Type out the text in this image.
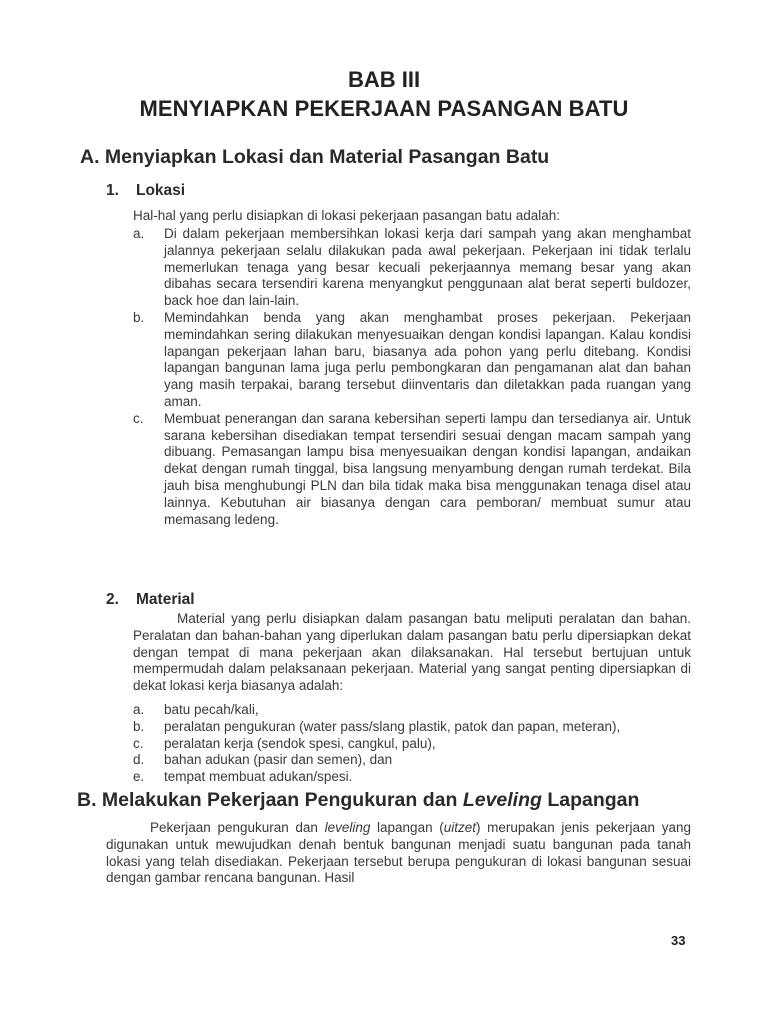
BAB III
MENYIAPKAN PEKERJAAN PASANGAN BATU
A. Menyiapkan Lokasi dan Material Pasangan Batu
1. Lokasi
Hal-hal yang perlu disiapkan di lokasi pekerjaan pasangan batu adalah:
a.	Di dalam pekerjaan membersihkan lokasi kerja dari sampah yang akan menghambat jalannya pekerjaan selalu dilakukan pada awal pekerjaan. Pekerjaan ini tidak terlalu memerlukan tenaga yang besar kecuali pekerjaannya memang besar yang akan dibahas secara tersendiri karena menyangkut penggunaan alat berat seperti buldozer, back hoe dan lain-lain.
b.	Memindahkan benda yang akan menghambat proses pekerjaan. Pekerjaan memindahkan sering dilakukan menyesuaikan dengan kondisi lapangan. Kalau kondisi lapangan pekerjaan lahan baru, biasanya ada pohon yang perlu ditebang. Kondisi lapangan bangunan lama juga perlu pembongkaran dan pengamanan alat dan bahan yang masih terpakai, barang tersebut diinventaris dan diletakkan pada ruangan yang aman.
c.	Membuat penerangan dan sarana kebersihan seperti lampu dan tersedianya air. Untuk sarana kebersihan disediakan tempat tersendiri sesuai dengan macam sampah yang dibuang. Pemasangan lampu bisa menyesuaikan dengan kondisi lapangan, andaikan dekat dengan rumah tinggal, bisa langsung menyambung dengan rumah terdekat. Bila jauh bisa menghubungi PLN dan bila tidak maka bisa menggunakan tenaga disel atau lainnya. Kebutuhan air biasanya dengan cara pemboran/ membuat sumur atau memasang ledeng.
2. Material
Material yang perlu disiapkan dalam pasangan batu meliputi peralatan dan bahan. Peralatan dan bahan-bahan yang diperlukan dalam pasangan batu perlu dipersiapkan dekat dengan tempat di mana pekerjaan akan dilaksanakan. Hal tersebut bertujuan untuk mempermudah dalam pelaksanaan pekerjaan. Material yang sangat penting dipersiapkan di dekat lokasi kerja biasanya adalah:
a.	batu pecah/kali,
b.	peralatan pengukuran (water pass/slang plastik, patok dan papan, meteran),
c.	peralatan kerja (sendok spesi, cangkul, palu),
d.	bahan adukan (pasir dan semen), dan
e.	tempat membuat adukan/spesi.
B. Melakukan Pekerjaan Pengukuran dan Leveling Lapangan
Pekerjaan pengukuran dan leveling lapangan (uitzet) merupakan jenis pekerjaan yang digunakan untuk mewujudkan denah bentuk bangunan menjadi suatu bangunan pada tanah lokasi yang telah disediakan. Pekerjaan tersebut berupa pengukuran di lokasi bangunan sesuai dengan gambar rencana bangunan. Hasil
33
